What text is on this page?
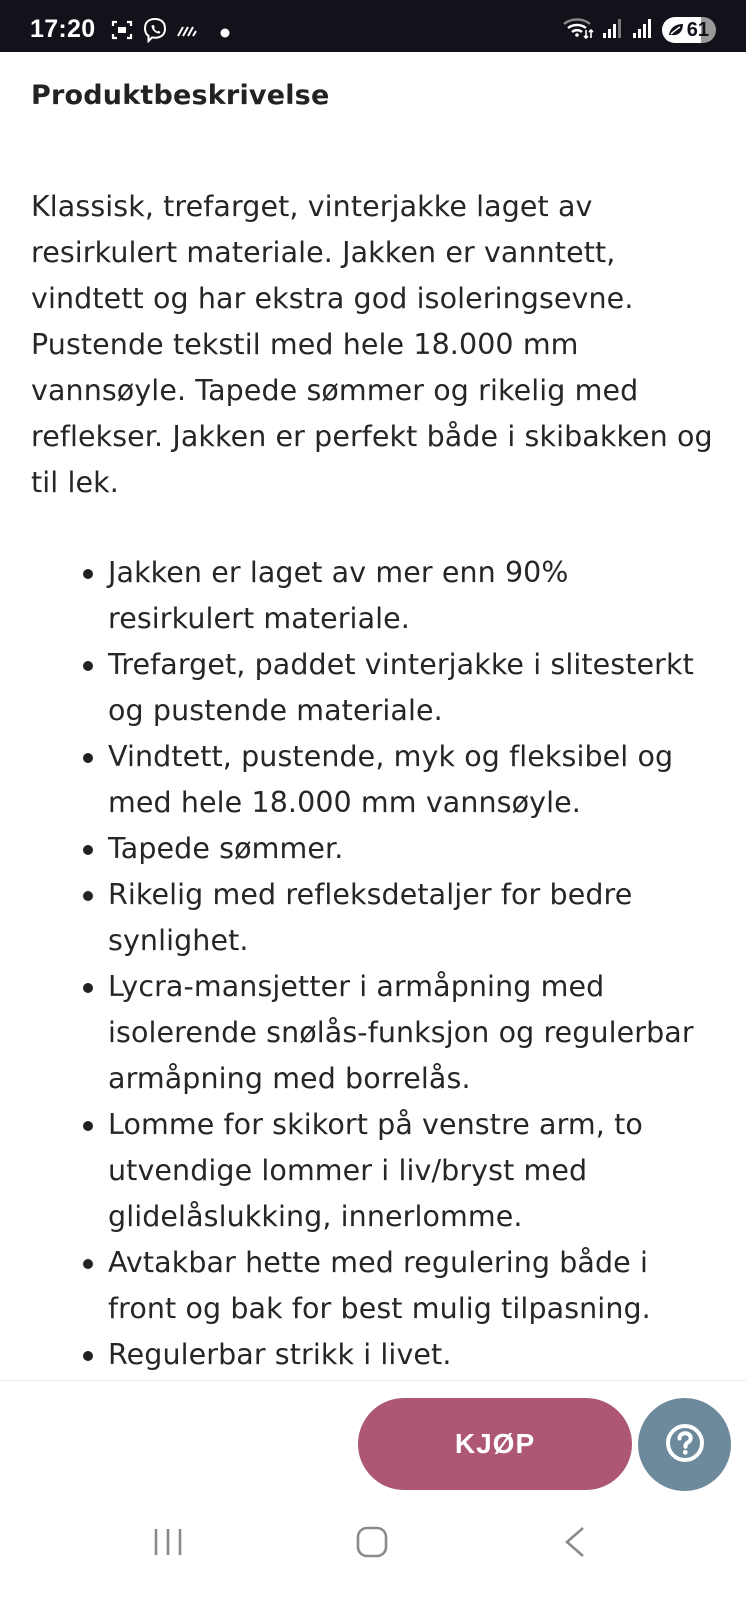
17:20	61
Produktbeskrivelse

Klassisk, trefarget, vinterjakke laget av resirkulert materiale. Jakken er vanntett, vindtett og har ekstra god isoleringsevne. Pustende tekstil med hele 18.000 mm vannsøyle. Tapede sømmer og rikelig med reflekser. Jakken er perfekt både i skibakken og til lek.

Jakken er laget av mer enn 90% resirkulert materiale.
Trefarget, paddet vinterjakke i slitesterkt og pustende materiale.
Vindtett, pustende, myk og fleksibel og med hele 18.000 mm vannsøyle.
Tapede sømmer.
Rikelig med refleksdetaljer for bedre synlighet.
Lycra-mansjetter i armåpning med isolerende snølås-funksjon og regulerbar armåpning med borrelås.
Lomme for skikort på venstre arm, to utvendige lommer i liv/bryst med glidelåslukking, innerlomme.
Avtakbar hette med regulering både i front og bak for best mulig tilpasning.
Regulerbar strikk i livet.
KJØP
